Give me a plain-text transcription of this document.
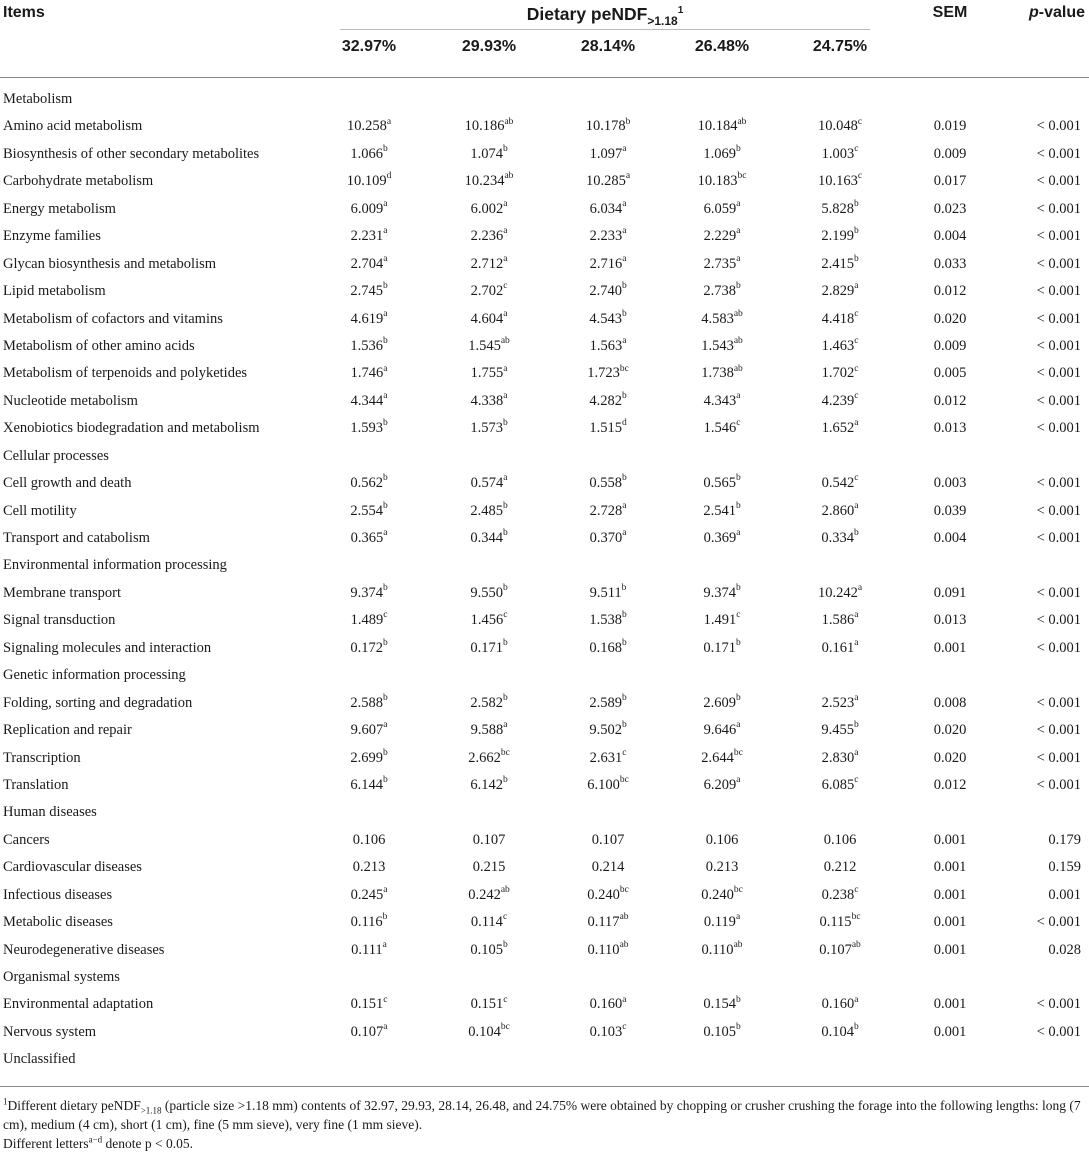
Items	Dietary peNDF$_{>1.18}^1$	SEM	p-value
32.97%	29.93%	28.14%	26.48%	24.75%
Metabolism
Amino acid metabolism	10.258$^a$	10.186$^{ab}$	10.178$^b$	10.184$^{ab}$	10.048$^c$	0.019	< 0.001
Biosynthesis of other secondary metabolites	1.066$^b$	1.074$^b$	1.097$^a$	1.069$^b$	1.003$^c$	0.009	< 0.001
Carbohydrate metabolism	10.109$^d$	10.234$^{ab}$	10.285$^a$	10.183$^{bc}$	10.163$^c$	0.017	< 0.001
Energy metabolism	6.009$^a$	6.002$^a$	6.034$^a$	6.059$^a$	5.828$^b$	0.023	< 0.001
Enzyme families	2.231$^a$	2.236$^a$	2.233$^a$	2.229$^a$	2.199$^b$	0.004	< 0.001
Glycan biosynthesis and metabolism	2.704$^a$	2.712$^a$	2.716$^a$	2.735$^a$	2.415$^b$	0.033	< 0.001
Lipid metabolism	2.745$^b$	2.702$^c$	2.740$^b$	2.738$^b$	2.829$^a$	0.012	< 0.001
Metabolism of cofactors and vitamins	4.619$^a$	4.604$^a$	4.543$^b$	4.583$^{ab}$	4.418$^c$	0.020	< 0.001
Metabolism of other amino acids	1.536$^b$	1.545$^{ab}$	1.563$^a$	1.543$^{ab}$	1.463$^c$	0.009	< 0.001
Metabolism of terpenoids and polyketides	1.746$^a$	1.755$^a$	1.723$^{bc}$	1.738$^{ab}$	1.702$^c$	0.005	< 0.001
Nucleotide metabolism	4.344$^a$	4.338$^a$	4.282$^b$	4.343$^a$	4.239$^c$	0.012	< 0.001
Xenobiotics biodegradation and metabolism	1.593$^b$	1.573$^b$	1.515$^d$	1.546$^c$	1.652$^a$	0.013	< 0.001
Cellular processes
Cell growth and death	0.562$^b$	0.574$^a$	0.558$^b$	0.565$^b$	0.542$^c$	0.003	< 0.001
Cell motility	2.554$^b$	2.485$^b$	2.728$^a$	2.541$^b$	2.860$^a$	0.039	< 0.001
Transport and catabolism	0.365$^a$	0.344$^b$	0.370$^a$	0.369$^a$	0.334$^b$	0.004	< 0.001
Environmental information processing
Membrane transport	9.374$^b$	9.550$^b$	9.511$^b$	9.374$^b$	10.242$^a$	0.091	< 0.001
Signal transduction	1.489$^c$	1.456$^c$	1.538$^b$	1.491$^c$	1.586$^a$	0.013	< 0.001
Signaling molecules and interaction	0.172$^b$	0.171$^b$	0.168$^b$	0.171$^b$	0.161$^a$	0.001	< 0.001
Genetic information processing
Folding, sorting and degradation	2.588$^b$	2.582$^b$	2.589$^b$	2.609$^b$	2.523$^a$	0.008	< 0.001
Replication and repair	9.607$^a$	9.588$^a$	9.502$^b$	9.646$^a$	9.455$^b$	0.020	< 0.001
Transcription	2.699$^b$	2.662$^{bc}$	2.631$^c$	2.644$^{bc}$	2.830$^a$	0.020	< 0.001
Translation	6.144$^b$	6.142$^b$	6.100$^{bc}$	6.209$^a$	6.085$^c$	0.012	< 0.001
Human diseases
Cancers	0.106	0.107	0.107	0.106	0.106	0.001	0.179
Cardiovascular diseases	0.213	0.215	0.214	0.213	0.212	0.001	0.159
Infectious diseases	0.245$^a$	0.242$^{ab}$	0.240$^{bc}$	0.240$^{bc}$	0.238$^c$	0.001	0.001
Metabolic diseases	0.116$^b$	0.114$^c$	0.117$^{ab}$	0.119$^a$	0.115$^{bc}$	0.001	< 0.001
Neurodegenerative diseases	0.111$^a$	0.105$^b$	0.110$^{ab}$	0.110$^{ab}$	0.107$^{ab}$	0.001	0.028
Organismal systems
Environmental adaptation	0.151$^c$	0.151$^c$	0.160$^a$	0.154$^b$	0.160$^a$	0.001	< 0.001
Nervous system	0.107$^a$	0.104$^{bc}$	0.103$^c$	0.105$^b$	0.104$^b$	0.001	< 0.001
Unclassified
$^1$Different dietary peNDF$_{>1.18}$ (particle size >1.18 mm) contents of 32.97, 29.93, 28.14, 26.48, and 24.75% were obtained by chopping or crusher crushing the forage into the following lengths: long (7 cm), medium (4 cm), short (1 cm), fine (5 mm sieve), very fine (1 mm sieve).
Different letters$^{a-d}$ denote p < 0.05.
